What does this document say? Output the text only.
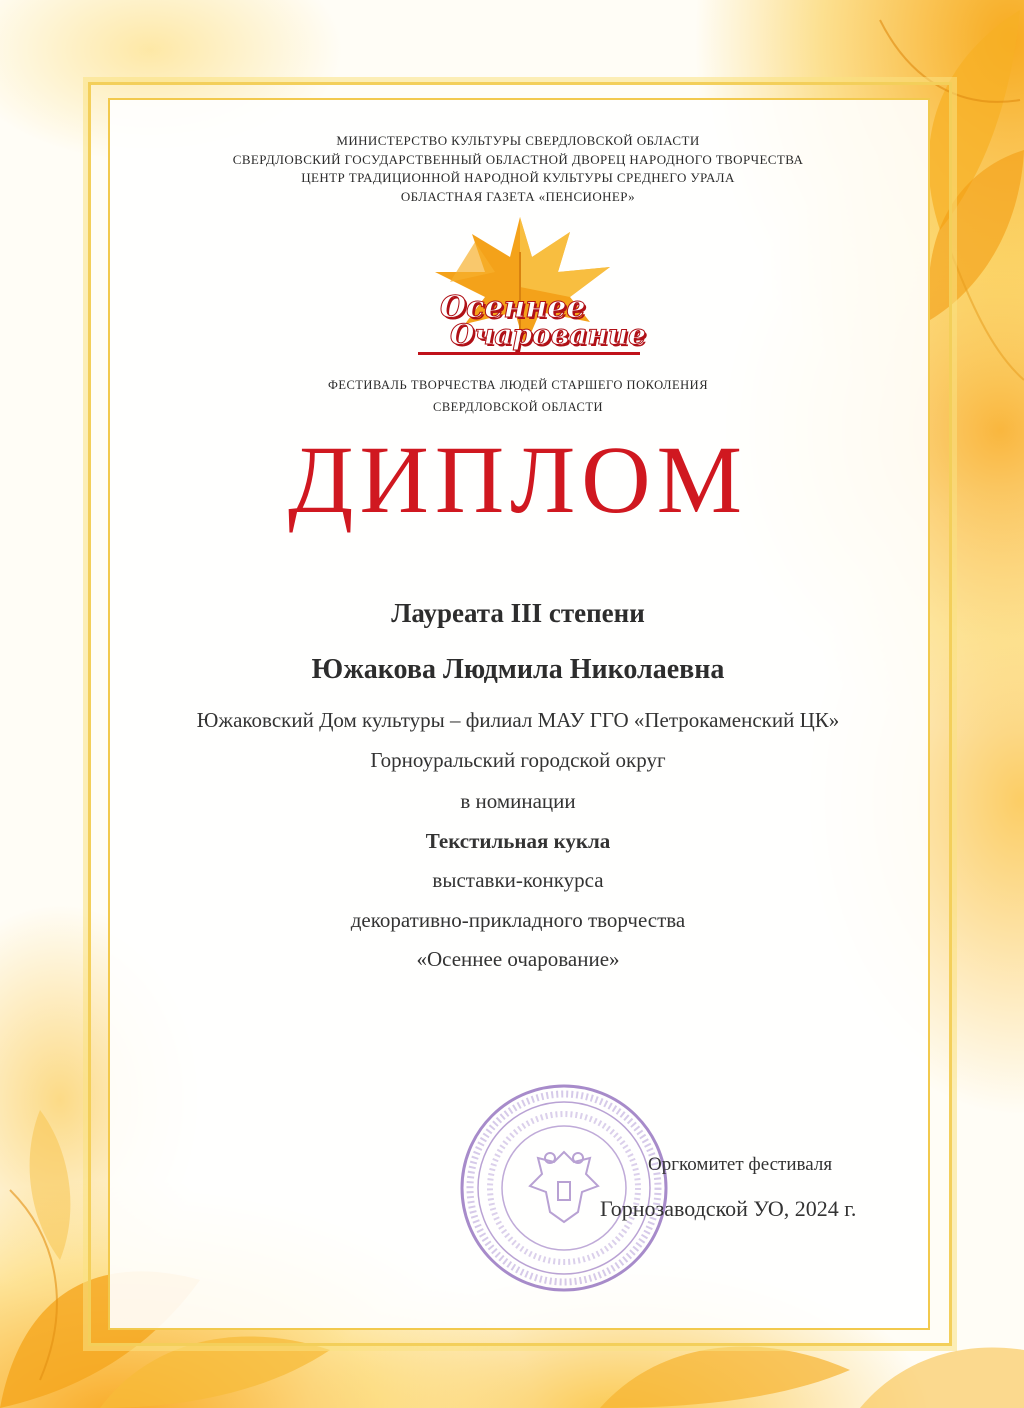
МИНИСТЕРСТВО КУЛЬТУРЫ СВЕРДЛОВСКОЙ ОБЛАСТИ
СВЕРДЛОВСКИЙ ГОСУДАРСТВЕННЫЙ ОБЛАСТНОЙ ДВОРЕЦ НАРОДНОГО ТВОРЧЕСТВА
ЦЕНТР ТРАДИЦИОННОЙ НАРОДНОЙ КУЛЬТУРЫ СРЕДНЕГО УРАЛА
ОБЛАСТНАЯ ГАЗЕТА «ПЕНСИОНЕР»
Осеннее
Очарование
ФЕСТИВАЛЬ ТВОРЧЕСТВА ЛЮДЕЙ СТАРШЕГО ПОКОЛЕНИЯ
СВЕРДЛОВСКОЙ ОБЛАСТИ
ДИПЛОМ
Лауреата III степени
Южакова Людмила Николаевна
Южаковский Дом культуры – филиал МАУ ГГО «Петрокаменский ЦК»
Горноуральский городской округ
в номинации
Текстильная кукла
выставки-конкурса
декоративно-прикладного творчества
«Осеннее очарование»
Оргкомитет фестиваля
Горнозаводской УО, 2024 г.
